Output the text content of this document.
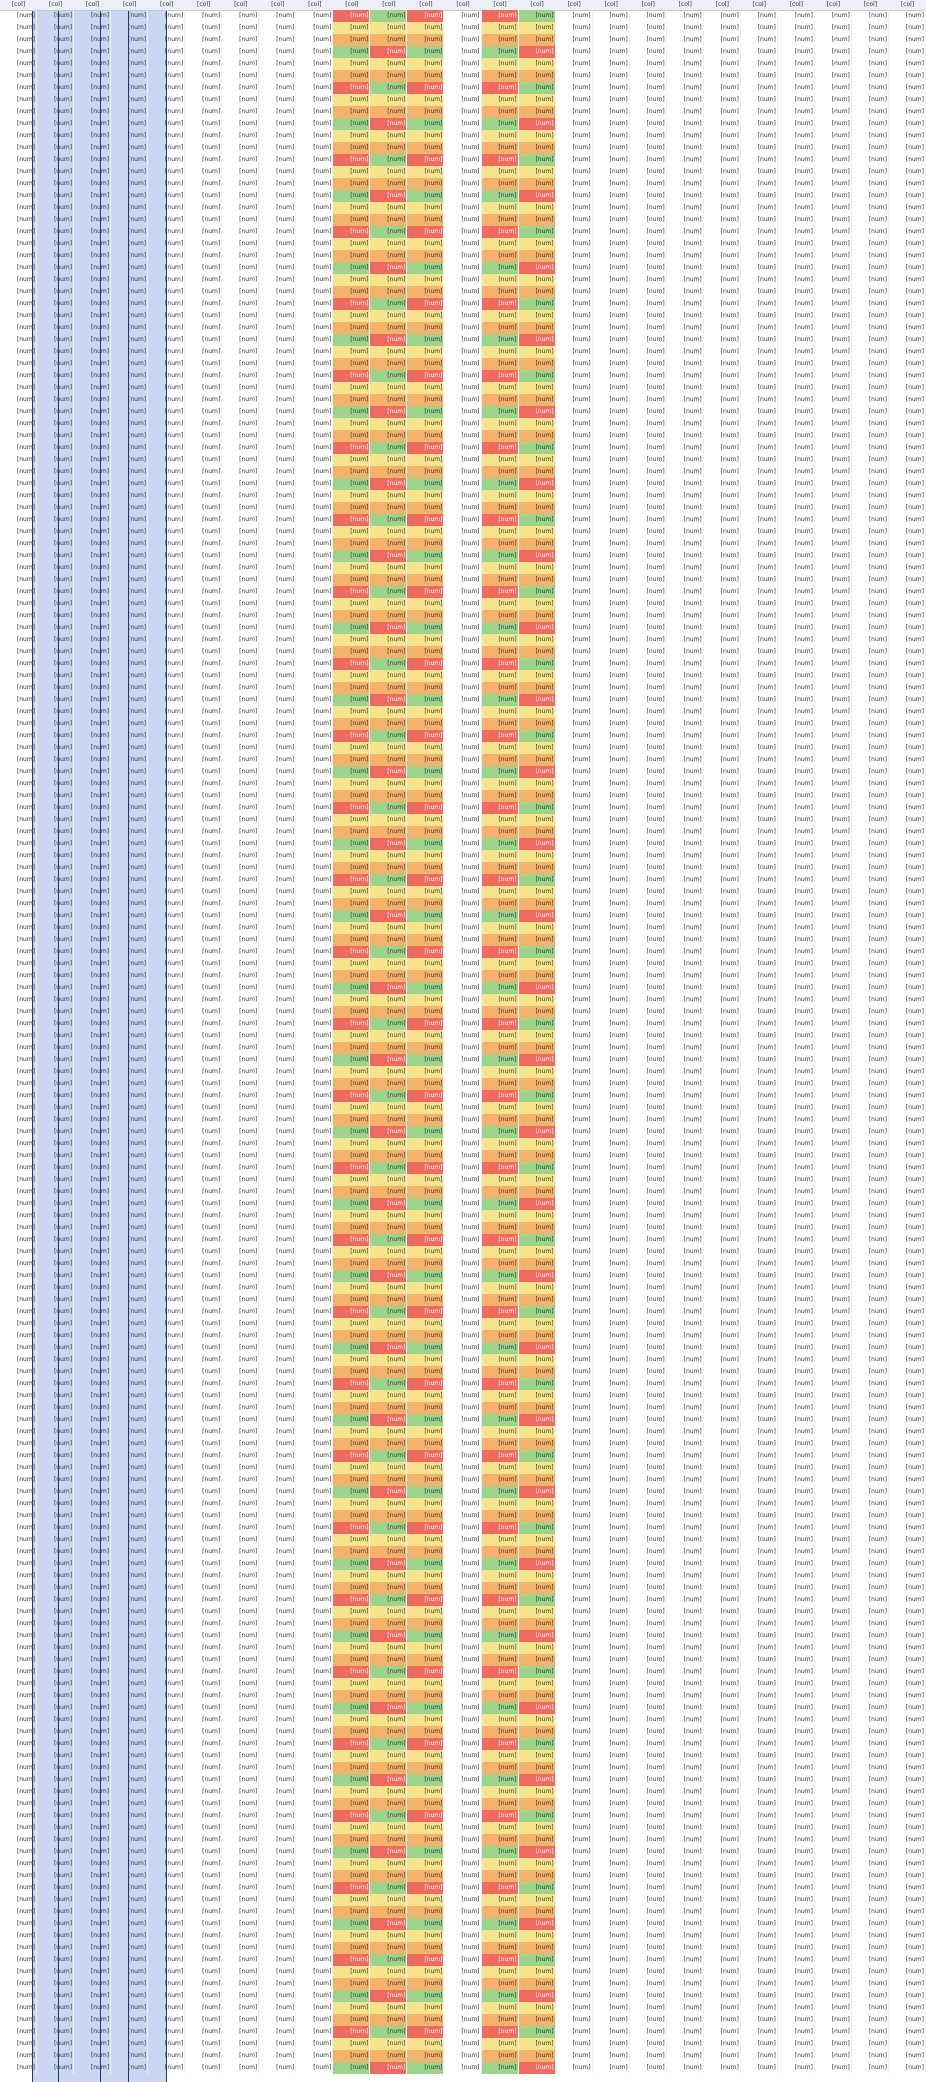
[col]	[col]	[col]	[col]	[col]	[col]	[col]	[col]	[col]	[col]	[col]	[col]	[col]	[col]	[col]	[col]	[col]	[col]	[col]	[col]	[col]	[col]	[col]	[col]	[col]
[num]	[num]	[num]	[num]	[num]	[num]	[num]	[num]	[num]	[num]	[num]	[num]	[num]	[num]	[num]	[num]	[num]	[num]	[num]	[num]	[num]	[num]	[num]	[num]	[num]
[num]	[num]	[num]	[num]	[num]	[num]	[num]	[num]	[num]	[num]	[num]	[num]	[num]	[num]	[num]	[num]	[num]	[num]	[num]	[num]	[num]	[num]	[num]	[num]	[num]
[num]	[num]	[num]	[num]	[num]	[num]	[num]	[num]	[num]	[num]	[num]	[num]	[num]	[num]	[num]	[num]	[num]	[num]	[num]	[num]	[num]	[num]	[num]	[num]	[num]
[num]	[num]	[num]	[num]	[num]	[num]	[num]	[num]	[num]	[num]	[num]	[num]	[num]	[num]	[num]	[num]	[num]	[num]	[num]	[num]	[num]	[num]	[num]	[num]	[num]
[num]	[num]	[num]	[num]	[num]	[num]	[num]	[num]	[num]	[num]	[num]	[num]	[num]	[num]	[num]	[num]	[num]	[num]	[num]	[num]	[num]	[num]	[num]	[num]	[num]
[num]	[num]	[num]	[num]	[num]	[num]	[num]	[num]	[num]	[num]	[num]	[num]	[num]	[num]	[num]	[num]	[num]	[num]	[num]	[num]	[num]	[num]	[num]	[num]	[num]
[num]	[num]	[num]	[num]	[num]	[num]	[num]	[num]	[num]	[num]	[num]	[num]	[num]	[num]	[num]	[num]	[num]	[num]	[num]	[num]	[num]	[num]	[num]	[num]	[num]
[num]	[num]	[num]	[num]	[num]	[num]	[num]	[num]	[num]	[num]	[num]	[num]	[num]	[num]	[num]	[num]	[num]	[num]	[num]	[num]	[num]	[num]	[num]	[num]	[num]
[num]	[num]	[num]	[num]	[num]	[num]	[num]	[num]	[num]	[num]	[num]	[num]	[num]	[num]	[num]	[num]	[num]	[num]	[num]	[num]	[num]	[num]	[num]	[num]	[num]
[num]	[num]	[num]	[num]	[num]	[num]	[num]	[num]	[num]	[num]	[num]	[num]	[num]	[num]	[num]	[num]	[num]	[num]	[num]	[num]	[num]	[num]	[num]	[num]	[num]
[num]	[num]	[num]	[num]	[num]	[num]	[num]	[num]	[num]	[num]	[num]	[num]	[num]	[num]	[num]	[num]	[num]	[num]	[num]	[num]	[num]	[num]	[num]	[num]	[num]
[num]	[num]	[num]	[num]	[num]	[num]	[num]	[num]	[num]	[num]	[num]	[num]	[num]	[num]	[num]	[num]	[num]	[num]	[num]	[num]	[num]	[num]	[num]	[num]	[num]
[num]	[num]	[num]	[num]	[num]	[num]	[num]	[num]	[num]	[num]	[num]	[num]	[num]	[num]	[num]	[num]	[num]	[num]	[num]	[num]	[num]	[num]	[num]	[num]	[num]
[num]	[num]	[num]	[num]	[num]	[num]	[num]	[num]	[num]	[num]	[num]	[num]	[num]	[num]	[num]	[num]	[num]	[num]	[num]	[num]	[num]	[num]	[num]	[num]	[num]
[num]	[num]	[num]	[num]	[num]	[num]	[num]	[num]	[num]	[num]	[num]	[num]	[num]	[num]	[num]	[num]	[num]	[num]	[num]	[num]	[num]	[num]	[num]	[num]	[num]
[num]	[num]	[num]	[num]	[num]	[num]	[num]	[num]	[num]	[num]	[num]	[num]	[num]	[num]	[num]	[num]	[num]	[num]	[num]	[num]	[num]	[num]	[num]	[num]	[num]
[num]	[num]	[num]	[num]	[num]	[num]	[num]	[num]	[num]	[num]	[num]	[num]	[num]	[num]	[num]	[num]	[num]	[num]	[num]	[num]	[num]	[num]	[num]	[num]	[num]
[num]	[num]	[num]	[num]	[num]	[num]	[num]	[num]	[num]	[num]	[num]	[num]	[num]	[num]	[num]	[num]	[num]	[num]	[num]	[num]	[num]	[num]	[num]	[num]	[num]
[num]	[num]	[num]	[num]	[num]	[num]	[num]	[num]	[num]	[num]	[num]	[num]	[num]	[num]	[num]	[num]	[num]	[num]	[num]	[num]	[num]	[num]	[num]	[num]	[num]
[num]	[num]	[num]	[num]	[num]	[num]	[num]	[num]	[num]	[num]	[num]	[num]	[num]	[num]	[num]	[num]	[num]	[num]	[num]	[num]	[num]	[num]	[num]	[num]	[num]
[num]	[num]	[num]	[num]	[num]	[num]	[num]	[num]	[num]	[num]	[num]	[num]	[num]	[num]	[num]	[num]	[num]	[num]	[num]	[num]	[num]	[num]	[num]	[num]	[num]
[num]	[num]	[num]	[num]	[num]	[num]	[num]	[num]	[num]	[num]	[num]	[num]	[num]	[num]	[num]	[num]	[num]	[num]	[num]	[num]	[num]	[num]	[num]	[num]	[num]
[num]	[num]	[num]	[num]	[num]	[num]	[num]	[num]	[num]	[num]	[num]	[num]	[num]	[num]	[num]	[num]	[num]	[num]	[num]	[num]	[num]	[num]	[num]	[num]	[num]
[num]	[num]	[num]	[num]	[num]	[num]	[num]	[num]	[num]	[num]	[num]	[num]	[num]	[num]	[num]	[num]	[num]	[num]	[num]	[num]	[num]	[num]	[num]	[num]	[num]
[num]	[num]	[num]	[num]	[num]	[num]	[num]	[num]	[num]	[num]	[num]	[num]	[num]	[num]	[num]	[num]	[num]	[num]	[num]	[num]	[num]	[num]	[num]	[num]	[num]
[num]	[num]	[num]	[num]	[num]	[num]	[num]	[num]	[num]	[num]	[num]	[num]	[num]	[num]	[num]	[num]	[num]	[num]	[num]	[num]	[num]	[num]	[num]	[num]	[num]
[num]	[num]	[num]	[num]	[num]	[num]	[num]	[num]	[num]	[num]	[num]	[num]	[num]	[num]	[num]	[num]	[num]	[num]	[num]	[num]	[num]	[num]	[num]	[num]	[num]
[num]	[num]	[num]	[num]	[num]	[num]	[num]	[num]	[num]	[num]	[num]	[num]	[num]	[num]	[num]	[num]	[num]	[num]	[num]	[num]	[num]	[num]	[num]	[num]	[num]
[num]	[num]	[num]	[num]	[num]	[num]	[num]	[num]	[num]	[num]	[num]	[num]	[num]	[num]	[num]	[num]	[num]	[num]	[num]	[num]	[num]	[num]	[num]	[num]	[num]
[num]	[num]	[num]	[num]	[num]	[num]	[num]	[num]	[num]	[num]	[num]	[num]	[num]	[num]	[num]	[num]	[num]	[num]	[num]	[num]	[num]	[num]	[num]	[num]	[num]
[num]	[num]	[num]	[num]	[num]	[num]	[num]	[num]	[num]	[num]	[num]	[num]	[num]	[num]	[num]	[num]	[num]	[num]	[num]	[num]	[num]	[num]	[num]	[num]	[num]
[num]	[num]	[num]	[num]	[num]	[num]	[num]	[num]	[num]	[num]	[num]	[num]	[num]	[num]	[num]	[num]	[num]	[num]	[num]	[num]	[num]	[num]	[num]	[num]	[num]
[num]	[num]	[num]	[num]	[num]	[num]	[num]	[num]	[num]	[num]	[num]	[num]	[num]	[num]	[num]	[num]	[num]	[num]	[num]	[num]	[num]	[num]	[num]	[num]	[num]
[num]	[num]	[num]	[num]	[num]	[num]	[num]	[num]	[num]	[num]	[num]	[num]	[num]	[num]	[num]	[num]	[num]	[num]	[num]	[num]	[num]	[num]	[num]	[num]	[num]
[num]	[num]	[num]	[num]	[num]	[num]	[num]	[num]	[num]	[num]	[num]	[num]	[num]	[num]	[num]	[num]	[num]	[num]	[num]	[num]	[num]	[num]	[num]	[num]	[num]
[num]	[num]	[num]	[num]	[num]	[num]	[num]	[num]	[num]	[num]	[num]	[num]	[num]	[num]	[num]	[num]	[num]	[num]	[num]	[num]	[num]	[num]	[num]	[num]	[num]
[num]	[num]	[num]	[num]	[num]	[num]	[num]	[num]	[num]	[num]	[num]	[num]	[num]	[num]	[num]	[num]	[num]	[num]	[num]	[num]	[num]	[num]	[num]	[num]	[num]
[num]	[num]	[num]	[num]	[num]	[num]	[num]	[num]	[num]	[num]	[num]	[num]	[num]	[num]	[num]	[num]	[num]	[num]	[num]	[num]	[num]	[num]	[num]	[num]	[num]
[num]	[num]	[num]	[num]	[num]	[num]	[num]	[num]	[num]	[num]	[num]	[num]	[num]	[num]	[num]	[num]	[num]	[num]	[num]	[num]	[num]	[num]	[num]	[num]	[num]
[num]	[num]	[num]	[num]	[num]	[num]	[num]	[num]	[num]	[num]	[num]	[num]	[num]	[num]	[num]	[num]	[num]	[num]	[num]	[num]	[num]	[num]	[num]	[num]	[num]
[num]	[num]	[num]	[num]	[num]	[num]	[num]	[num]	[num]	[num]	[num]	[num]	[num]	[num]	[num]	[num]	[num]	[num]	[num]	[num]	[num]	[num]	[num]	[num]	[num]
[num]	[num]	[num]	[num]	[num]	[num]	[num]	[num]	[num]	[num]	[num]	[num]	[num]	[num]	[num]	[num]	[num]	[num]	[num]	[num]	[num]	[num]	[num]	[num]	[num]
[num]	[num]	[num]	[num]	[num]	[num]	[num]	[num]	[num]	[num]	[num]	[num]	[num]	[num]	[num]	[num]	[num]	[num]	[num]	[num]	[num]	[num]	[num]	[num]	[num]
[num]	[num]	[num]	[num]	[num]	[num]	[num]	[num]	[num]	[num]	[num]	[num]	[num]	[num]	[num]	[num]	[num]	[num]	[num]	[num]	[num]	[num]	[num]	[num]	[num]
[num]	[num]	[num]	[num]	[num]	[num]	[num]	[num]	[num]	[num]	[num]	[num]	[num]	[num]	[num]	[num]	[num]	[num]	[num]	[num]	[num]	[num]	[num]	[num]	[num]
[num]	[num]	[num]	[num]	[num]	[num]	[num]	[num]	[num]	[num]	[num]	[num]	[num]	[num]	[num]	[num]	[num]	[num]	[num]	[num]	[num]	[num]	[num]	[num]	[num]
[num]	[num]	[num]	[num]	[num]	[num]	[num]	[num]	[num]	[num]	[num]	[num]	[num]	[num]	[num]	[num]	[num]	[num]	[num]	[num]	[num]	[num]	[num]	[num]	[num]
[num]	[num]	[num]	[num]	[num]	[num]	[num]	[num]	[num]	[num]	[num]	[num]	[num]	[num]	[num]	[num]	[num]	[num]	[num]	[num]	[num]	[num]	[num]	[num]	[num]
[num]	[num]	[num]	[num]	[num]	[num]	[num]	[num]	[num]	[num]	[num]	[num]	[num]	[num]	[num]	[num]	[num]	[num]	[num]	[num]	[num]	[num]	[num]	[num]	[num]
[num]	[num]	[num]	[num]	[num]	[num]	[num]	[num]	[num]	[num]	[num]	[num]	[num]	[num]	[num]	[num]	[num]	[num]	[num]	[num]	[num]	[num]	[num]	[num]	[num]
[num]	[num]	[num]	[num]	[num]	[num]	[num]	[num]	[num]	[num]	[num]	[num]	[num]	[num]	[num]	[num]	[num]	[num]	[num]	[num]	[num]	[num]	[num]	[num]	[num]
[num]	[num]	[num]	[num]	[num]	[num]	[num]	[num]	[num]	[num]	[num]	[num]	[num]	[num]	[num]	[num]	[num]	[num]	[num]	[num]	[num]	[num]	[num]	[num]	[num]
[num]	[num]	[num]	[num]	[num]	[num]	[num]	[num]	[num]	[num]	[num]	[num]	[num]	[num]	[num]	[num]	[num]	[num]	[num]	[num]	[num]	[num]	[num]	[num]	[num]
[num]	[num]	[num]	[num]	[num]	[num]	[num]	[num]	[num]	[num]	[num]	[num]	[num]	[num]	[num]	[num]	[num]	[num]	[num]	[num]	[num]	[num]	[num]	[num]	[num]
[num]	[num]	[num]	[num]	[num]	[num]	[num]	[num]	[num]	[num]	[num]	[num]	[num]	[num]	[num]	[num]	[num]	[num]	[num]	[num]	[num]	[num]	[num]	[num]	[num]
[num]	[num]	[num]	[num]	[num]	[num]	[num]	[num]	[num]	[num]	[num]	[num]	[num]	[num]	[num]	[num]	[num]	[num]	[num]	[num]	[num]	[num]	[num]	[num]	[num]
[num]	[num]	[num]	[num]	[num]	[num]	[num]	[num]	[num]	[num]	[num]	[num]	[num]	[num]	[num]	[num]	[num]	[num]	[num]	[num]	[num]	[num]	[num]	[num]	[num]
[num]	[num]	[num]	[num]	[num]	[num]	[num]	[num]	[num]	[num]	[num]	[num]	[num]	[num]	[num]	[num]	[num]	[num]	[num]	[num]	[num]	[num]	[num]	[num]	[num]
[num]	[num]	[num]	[num]	[num]	[num]	[num]	[num]	[num]	[num]	[num]	[num]	[num]	[num]	[num]	[num]	[num]	[num]	[num]	[num]	[num]	[num]	[num]	[num]	[num]
[num]	[num]	[num]	[num]	[num]	[num]	[num]	[num]	[num]	[num]	[num]	[num]	[num]	[num]	[num]	[num]	[num]	[num]	[num]	[num]	[num]	[num]	[num]	[num]	[num]
[num]	[num]	[num]	[num]	[num]	[num]	[num]	[num]	[num]	[num]	[num]	[num]	[num]	[num]	[num]	[num]	[num]	[num]	[num]	[num]	[num]	[num]	[num]	[num]	[num]
[num]	[num]	[num]	[num]	[num]	[num]	[num]	[num]	[num]	[num]	[num]	[num]	[num]	[num]	[num]	[num]	[num]	[num]	[num]	[num]	[num]	[num]	[num]	[num]	[num]
[num]	[num]	[num]	[num]	[num]	[num]	[num]	[num]	[num]	[num]	[num]	[num]	[num]	[num]	[num]	[num]	[num]	[num]	[num]	[num]	[num]	[num]	[num]	[num]	[num]
[num]	[num]	[num]	[num]	[num]	[num]	[num]	[num]	[num]	[num]	[num]	[num]	[num]	[num]	[num]	[num]	[num]	[num]	[num]	[num]	[num]	[num]	[num]	[num]	[num]
[num]	[num]	[num]	[num]	[num]	[num]	[num]	[num]	[num]	[num]	[num]	[num]	[num]	[num]	[num]	[num]	[num]	[num]	[num]	[num]	[num]	[num]	[num]	[num]	[num]
[num]	[num]	[num]	[num]	[num]	[num]	[num]	[num]	[num]	[num]	[num]	[num]	[num]	[num]	[num]	[num]	[num]	[num]	[num]	[num]	[num]	[num]	[num]	[num]	[num]
[num]	[num]	[num]	[num]	[num]	[num]	[num]	[num]	[num]	[num]	[num]	[num]	[num]	[num]	[num]	[num]	[num]	[num]	[num]	[num]	[num]	[num]	[num]	[num]	[num]
[num]	[num]	[num]	[num]	[num]	[num]	[num]	[num]	[num]	[num]	[num]	[num]	[num]	[num]	[num]	[num]	[num]	[num]	[num]	[num]	[num]	[num]	[num]	[num]	[num]
[num]	[num]	[num]	[num]	[num]	[num]	[num]	[num]	[num]	[num]	[num]	[num]	[num]	[num]	[num]	[num]	[num]	[num]	[num]	[num]	[num]	[num]	[num]	[num]	[num]
[num]	[num]	[num]	[num]	[num]	[num]	[num]	[num]	[num]	[num]	[num]	[num]	[num]	[num]	[num]	[num]	[num]	[num]	[num]	[num]	[num]	[num]	[num]	[num]	[num]
[num]	[num]	[num]	[num]	[num]	[num]	[num]	[num]	[num]	[num]	[num]	[num]	[num]	[num]	[num]	[num]	[num]	[num]	[num]	[num]	[num]	[num]	[num]	[num]	[num]
[num]	[num]	[num]	[num]	[num]	[num]	[num]	[num]	[num]	[num]	[num]	[num]	[num]	[num]	[num]	[num]	[num]	[num]	[num]	[num]	[num]	[num]	[num]	[num]	[num]
[num]	[num]	[num]	[num]	[num]	[num]	[num]	[num]	[num]	[num]	[num]	[num]	[num]	[num]	[num]	[num]	[num]	[num]	[num]	[num]	[num]	[num]	[num]	[num]	[num]
[num]	[num]	[num]	[num]	[num]	[num]	[num]	[num]	[num]	[num]	[num]	[num]	[num]	[num]	[num]	[num]	[num]	[num]	[num]	[num]	[num]	[num]	[num]	[num]	[num]
[num]	[num]	[num]	[num]	[num]	[num]	[num]	[num]	[num]	[num]	[num]	[num]	[num]	[num]	[num]	[num]	[num]	[num]	[num]	[num]	[num]	[num]	[num]	[num]	[num]
[num]	[num]	[num]	[num]	[num]	[num]	[num]	[num]	[num]	[num]	[num]	[num]	[num]	[num]	[num]	[num]	[num]	[num]	[num]	[num]	[num]	[num]	[num]	[num]	[num]
[num]	[num]	[num]	[num]	[num]	[num]	[num]	[num]	[num]	[num]	[num]	[num]	[num]	[num]	[num]	[num]	[num]	[num]	[num]	[num]	[num]	[num]	[num]	[num]	[num]
[num]	[num]	[num]	[num]	[num]	[num]	[num]	[num]	[num]	[num]	[num]	[num]	[num]	[num]	[num]	[num]	[num]	[num]	[num]	[num]	[num]	[num]	[num]	[num]	[num]
[num]	[num]	[num]	[num]	[num]	[num]	[num]	[num]	[num]	[num]	[num]	[num]	[num]	[num]	[num]	[num]	[num]	[num]	[num]	[num]	[num]	[num]	[num]	[num]	[num]
[num]	[num]	[num]	[num]	[num]	[num]	[num]	[num]	[num]	[num]	[num]	[num]	[num]	[num]	[num]	[num]	[num]	[num]	[num]	[num]	[num]	[num]	[num]	[num]	[num]
[num]	[num]	[num]	[num]	[num]	[num]	[num]	[num]	[num]	[num]	[num]	[num]	[num]	[num]	[num]	[num]	[num]	[num]	[num]	[num]	[num]	[num]	[num]	[num]	[num]
[num]	[num]	[num]	[num]	[num]	[num]	[num]	[num]	[num]	[num]	[num]	[num]	[num]	[num]	[num]	[num]	[num]	[num]	[num]	[num]	[num]	[num]	[num]	[num]	[num]
[num]	[num]	[num]	[num]	[num]	[num]	[num]	[num]	[num]	[num]	[num]	[num]	[num]	[num]	[num]	[num]	[num]	[num]	[num]	[num]	[num]	[num]	[num]	[num]	[num]
[num]	[num]	[num]	[num]	[num]	[num]	[num]	[num]	[num]	[num]	[num]	[num]	[num]	[num]	[num]	[num]	[num]	[num]	[num]	[num]	[num]	[num]	[num]	[num]	[num]
[num]	[num]	[num]	[num]	[num]	[num]	[num]	[num]	[num]	[num]	[num]	[num]	[num]	[num]	[num]	[num]	[num]	[num]	[num]	[num]	[num]	[num]	[num]	[num]	[num]
[num]	[num]	[num]	[num]	[num]	[num]	[num]	[num]	[num]	[num]	[num]	[num]	[num]	[num]	[num]	[num]	[num]	[num]	[num]	[num]	[num]	[num]	[num]	[num]	[num]
[num]	[num]	[num]	[num]	[num]	[num]	[num]	[num]	[num]	[num]	[num]	[num]	[num]	[num]	[num]	[num]	[num]	[num]	[num]	[num]	[num]	[num]	[num]	[num]	[num]
[num]	[num]	[num]	[num]	[num]	[num]	[num]	[num]	[num]	[num]	[num]	[num]	[num]	[num]	[num]	[num]	[num]	[num]	[num]	[num]	[num]	[num]	[num]	[num]	[num]
[num]	[num]	[num]	[num]	[num]	[num]	[num]	[num]	[num]	[num]	[num]	[num]	[num]	[num]	[num]	[num]	[num]	[num]	[num]	[num]	[num]	[num]	[num]	[num]	[num]
[num]	[num]	[num]	[num]	[num]	[num]	[num]	[num]	[num]	[num]	[num]	[num]	[num]	[num]	[num]	[num]	[num]	[num]	[num]	[num]	[num]	[num]	[num]	[num]	[num]
[num]	[num]	[num]	[num]	[num]	[num]	[num]	[num]	[num]	[num]	[num]	[num]	[num]	[num]	[num]	[num]	[num]	[num]	[num]	[num]	[num]	[num]	[num]	[num]	[num]
[num]	[num]	[num]	[num]	[num]	[num]	[num]	[num]	[num]	[num]	[num]	[num]	[num]	[num]	[num]	[num]	[num]	[num]	[num]	[num]	[num]	[num]	[num]	[num]	[num]
[num]	[num]	[num]	[num]	[num]	[num]	[num]	[num]	[num]	[num]	[num]	[num]	[num]	[num]	[num]	[num]	[num]	[num]	[num]	[num]	[num]	[num]	[num]	[num]	[num]
[num]	[num]	[num]	[num]	[num]	[num]	[num]	[num]	[num]	[num]	[num]	[num]	[num]	[num]	[num]	[num]	[num]	[num]	[num]	[num]	[num]	[num]	[num]	[num]	[num]
[num]	[num]	[num]	[num]	[num]	[num]	[num]	[num]	[num]	[num]	[num]	[num]	[num]	[num]	[num]	[num]	[num]	[num]	[num]	[num]	[num]	[num]	[num]	[num]	[num]
[num]	[num]	[num]	[num]	[num]	[num]	[num]	[num]	[num]	[num]	[num]	[num]	[num]	[num]	[num]	[num]	[num]	[num]	[num]	[num]	[num]	[num]	[num]	[num]	[num]
[num]	[num]	[num]	[num]	[num]	[num]	[num]	[num]	[num]	[num]	[num]	[num]	[num]	[num]	[num]	[num]	[num]	[num]	[num]	[num]	[num]	[num]	[num]	[num]	[num]
[num]	[num]	[num]	[num]	[num]	[num]	[num]	[num]	[num]	[num]	[num]	[num]	[num]	[num]	[num]	[num]	[num]	[num]	[num]	[num]	[num]	[num]	[num]	[num]	[num]
[num]	[num]	[num]	[num]	[num]	[num]	[num]	[num]	[num]	[num]	[num]	[num]	[num]	[num]	[num]	[num]	[num]	[num]	[num]	[num]	[num]	[num]	[num]	[num]	[num]
[num]	[num]	[num]	[num]	[num]	[num]	[num]	[num]	[num]	[num]	[num]	[num]	[num]	[num]	[num]	[num]	[num]	[num]	[num]	[num]	[num]	[num]	[num]	[num]	[num]
[num]	[num]	[num]	[num]	[num]	[num]	[num]	[num]	[num]	[num]	[num]	[num]	[num]	[num]	[num]	[num]	[num]	[num]	[num]	[num]	[num]	[num]	[num]	[num]	[num]
[num]	[num]	[num]	[num]	[num]	[num]	[num]	[num]	[num]	[num]	[num]	[num]	[num]	[num]	[num]	[num]	[num]	[num]	[num]	[num]	[num]	[num]	[num]	[num]	[num]
[num]	[num]	[num]	[num]	[num]	[num]	[num]	[num]	[num]	[num]	[num]	[num]	[num]	[num]	[num]	[num]	[num]	[num]	[num]	[num]	[num]	[num]	[num]	[num]	[num]
[num]	[num]	[num]	[num]	[num]	[num]	[num]	[num]	[num]	[num]	[num]	[num]	[num]	[num]	[num]	[num]	[num]	[num]	[num]	[num]	[num]	[num]	[num]	[num]	[num]
[num]	[num]	[num]	[num]	[num]	[num]	[num]	[num]	[num]	[num]	[num]	[num]	[num]	[num]	[num]	[num]	[num]	[num]	[num]	[num]	[num]	[num]	[num]	[num]	[num]
[num]	[num]	[num]	[num]	[num]	[num]	[num]	[num]	[num]	[num]	[num]	[num]	[num]	[num]	[num]	[num]	[num]	[num]	[num]	[num]	[num]	[num]	[num]	[num]	[num]
[num]	[num]	[num]	[num]	[num]	[num]	[num]	[num]	[num]	[num]	[num]	[num]	[num]	[num]	[num]	[num]	[num]	[num]	[num]	[num]	[num]	[num]	[num]	[num]	[num]
[num]	[num]	[num]	[num]	[num]	[num]	[num]	[num]	[num]	[num]	[num]	[num]	[num]	[num]	[num]	[num]	[num]	[num]	[num]	[num]	[num]	[num]	[num]	[num]	[num]
[num]	[num]	[num]	[num]	[num]	[num]	[num]	[num]	[num]	[num]	[num]	[num]	[num]	[num]	[num]	[num]	[num]	[num]	[num]	[num]	[num]	[num]	[num]	[num]	[num]
[num]	[num]	[num]	[num]	[num]	[num]	[num]	[num]	[num]	[num]	[num]	[num]	[num]	[num]	[num]	[num]	[num]	[num]	[num]	[num]	[num]	[num]	[num]	[num]	[num]
[num]	[num]	[num]	[num]	[num]	[num]	[num]	[num]	[num]	[num]	[num]	[num]	[num]	[num]	[num]	[num]	[num]	[num]	[num]	[num]	[num]	[num]	[num]	[num]	[num]
[num]	[num]	[num]	[num]	[num]	[num]	[num]	[num]	[num]	[num]	[num]	[num]	[num]	[num]	[num]	[num]	[num]	[num]	[num]	[num]	[num]	[num]	[num]	[num]	[num]
[num]	[num]	[num]	[num]	[num]	[num]	[num]	[num]	[num]	[num]	[num]	[num]	[num]	[num]	[num]	[num]	[num]	[num]	[num]	[num]	[num]	[num]	[num]	[num]	[num]
[num]	[num]	[num]	[num]	[num]	[num]	[num]	[num]	[num]	[num]	[num]	[num]	[num]	[num]	[num]	[num]	[num]	[num]	[num]	[num]	[num]	[num]	[num]	[num]	[num]
[num]	[num]	[num]	[num]	[num]	[num]	[num]	[num]	[num]	[num]	[num]	[num]	[num]	[num]	[num]	[num]	[num]	[num]	[num]	[num]	[num]	[num]	[num]	[num]	[num]
[num]	[num]	[num]	[num]	[num]	[num]	[num]	[num]	[num]	[num]	[num]	[num]	[num]	[num]	[num]	[num]	[num]	[num]	[num]	[num]	[num]	[num]	[num]	[num]	[num]
[num]	[num]	[num]	[num]	[num]	[num]	[num]	[num]	[num]	[num]	[num]	[num]	[num]	[num]	[num]	[num]	[num]	[num]	[num]	[num]	[num]	[num]	[num]	[num]	[num]
[num]	[num]	[num]	[num]	[num]	[num]	[num]	[num]	[num]	[num]	[num]	[num]	[num]	[num]	[num]	[num]	[num]	[num]	[num]	[num]	[num]	[num]	[num]	[num]	[num]
[num]	[num]	[num]	[num]	[num]	[num]	[num]	[num]	[num]	[num]	[num]	[num]	[num]	[num]	[num]	[num]	[num]	[num]	[num]	[num]	[num]	[num]	[num]	[num]	[num]
[num]	[num]	[num]	[num]	[num]	[num]	[num]	[num]	[num]	[num]	[num]	[num]	[num]	[num]	[num]	[num]	[num]	[num]	[num]	[num]	[num]	[num]	[num]	[num]	[num]
[num]	[num]	[num]	[num]	[num]	[num]	[num]	[num]	[num]	[num]	[num]	[num]	[num]	[num]	[num]	[num]	[num]	[num]	[num]	[num]	[num]	[num]	[num]	[num]	[num]
[num]	[num]	[num]	[num]	[num]	[num]	[num]	[num]	[num]	[num]	[num]	[num]	[num]	[num]	[num]	[num]	[num]	[num]	[num]	[num]	[num]	[num]	[num]	[num]	[num]
[num]	[num]	[num]	[num]	[num]	[num]	[num]	[num]	[num]	[num]	[num]	[num]	[num]	[num]	[num]	[num]	[num]	[num]	[num]	[num]	[num]	[num]	[num]	[num]	[num]
[num]	[num]	[num]	[num]	[num]	[num]	[num]	[num]	[num]	[num]	[num]	[num]	[num]	[num]	[num]	[num]	[num]	[num]	[num]	[num]	[num]	[num]	[num]	[num]	[num]
[num]	[num]	[num]	[num]	[num]	[num]	[num]	[num]	[num]	[num]	[num]	[num]	[num]	[num]	[num]	[num]	[num]	[num]	[num]	[num]	[num]	[num]	[num]	[num]	[num]
[num]	[num]	[num]	[num]	[num]	[num]	[num]	[num]	[num]	[num]	[num]	[num]	[num]	[num]	[num]	[num]	[num]	[num]	[num]	[num]	[num]	[num]	[num]	[num]	[num]
[num]	[num]	[num]	[num]	[num]	[num]	[num]	[num]	[num]	[num]	[num]	[num]	[num]	[num]	[num]	[num]	[num]	[num]	[num]	[num]	[num]	[num]	[num]	[num]	[num]
[num]	[num]	[num]	[num]	[num]	[num]	[num]	[num]	[num]	[num]	[num]	[num]	[num]	[num]	[num]	[num]	[num]	[num]	[num]	[num]	[num]	[num]	[num]	[num]	[num]
[num]	[num]	[num]	[num]	[num]	[num]	[num]	[num]	[num]	[num]	[num]	[num]	[num]	[num]	[num]	[num]	[num]	[num]	[num]	[num]	[num]	[num]	[num]	[num]	[num]
[num]	[num]	[num]	[num]	[num]	[num]	[num]	[num]	[num]	[num]	[num]	[num]	[num]	[num]	[num]	[num]	[num]	[num]	[num]	[num]	[num]	[num]	[num]	[num]	[num]
[num]	[num]	[num]	[num]	[num]	[num]	[num]	[num]	[num]	[num]	[num]	[num]	[num]	[num]	[num]	[num]	[num]	[num]	[num]	[num]	[num]	[num]	[num]	[num]	[num]
[num]	[num]	[num]	[num]	[num]	[num]	[num]	[num]	[num]	[num]	[num]	[num]	[num]	[num]	[num]	[num]	[num]	[num]	[num]	[num]	[num]	[num]	[num]	[num]	[num]
[num]	[num]	[num]	[num]	[num]	[num]	[num]	[num]	[num]	[num]	[num]	[num]	[num]	[num]	[num]	[num]	[num]	[num]	[num]	[num]	[num]	[num]	[num]	[num]	[num]
[num]	[num]	[num]	[num]	[num]	[num]	[num]	[num]	[num]	[num]	[num]	[num]	[num]	[num]	[num]	[num]	[num]	[num]	[num]	[num]	[num]	[num]	[num]	[num]	[num]
[num]	[num]	[num]	[num]	[num]	[num]	[num]	[num]	[num]	[num]	[num]	[num]	[num]	[num]	[num]	[num]	[num]	[num]	[num]	[num]	[num]	[num]	[num]	[num]	[num]
[num]	[num]	[num]	[num]	[num]	[num]	[num]	[num]	[num]	[num]	[num]	[num]	[num]	[num]	[num]	[num]	[num]	[num]	[num]	[num]	[num]	[num]	[num]	[num]	[num]
[num]	[num]	[num]	[num]	[num]	[num]	[num]	[num]	[num]	[num]	[num]	[num]	[num]	[num]	[num]	[num]	[num]	[num]	[num]	[num]	[num]	[num]	[num]	[num]	[num]
[num]	[num]	[num]	[num]	[num]	[num]	[num]	[num]	[num]	[num]	[num]	[num]	[num]	[num]	[num]	[num]	[num]	[num]	[num]	[num]	[num]	[num]	[num]	[num]	[num]
[num]	[num]	[num]	[num]	[num]	[num]	[num]	[num]	[num]	[num]	[num]	[num]	[num]	[num]	[num]	[num]	[num]	[num]	[num]	[num]	[num]	[num]	[num]	[num]	[num]
[num]	[num]	[num]	[num]	[num]	[num]	[num]	[num]	[num]	[num]	[num]	[num]	[num]	[num]	[num]	[num]	[num]	[num]	[num]	[num]	[num]	[num]	[num]	[num]	[num]
[num]	[num]	[num]	[num]	[num]	[num]	[num]	[num]	[num]	[num]	[num]	[num]	[num]	[num]	[num]	[num]	[num]	[num]	[num]	[num]	[num]	[num]	[num]	[num]	[num]
[num]	[num]	[num]	[num]	[num]	[num]	[num]	[num]	[num]	[num]	[num]	[num]	[num]	[num]	[num]	[num]	[num]	[num]	[num]	[num]	[num]	[num]	[num]	[num]	[num]
[num]	[num]	[num]	[num]	[num]	[num]	[num]	[num]	[num]	[num]	[num]	[num]	[num]	[num]	[num]	[num]	[num]	[num]	[num]	[num]	[num]	[num]	[num]	[num]	[num]
[num]	[num]	[num]	[num]	[num]	[num]	[num]	[num]	[num]	[num]	[num]	[num]	[num]	[num]	[num]	[num]	[num]	[num]	[num]	[num]	[num]	[num]	[num]	[num]	[num]
[num]	[num]	[num]	[num]	[num]	[num]	[num]	[num]	[num]	[num]	[num]	[num]	[num]	[num]	[num]	[num]	[num]	[num]	[num]	[num]	[num]	[num]	[num]	[num]	[num]
[num]	[num]	[num]	[num]	[num]	[num]	[num]	[num]	[num]	[num]	[num]	[num]	[num]	[num]	[num]	[num]	[num]	[num]	[num]	[num]	[num]	[num]	[num]	[num]	[num]
[num]	[num]	[num]	[num]	[num]	[num]	[num]	[num]	[num]	[num]	[num]	[num]	[num]	[num]	[num]	[num]	[num]	[num]	[num]	[num]	[num]	[num]	[num]	[num]	[num]
[num]	[num]	[num]	[num]	[num]	[num]	[num]	[num]	[num]	[num]	[num]	[num]	[num]	[num]	[num]	[num]	[num]	[num]	[num]	[num]	[num]	[num]	[num]	[num]	[num]
[num]	[num]	[num]	[num]	[num]	[num]	[num]	[num]	[num]	[num]	[num]	[num]	[num]	[num]	[num]	[num]	[num]	[num]	[num]	[num]	[num]	[num]	[num]	[num]	[num]
[num]	[num]	[num]	[num]	[num]	[num]	[num]	[num]	[num]	[num]	[num]	[num]	[num]	[num]	[num]	[num]	[num]	[num]	[num]	[num]	[num]	[num]	[num]	[num]	[num]
[num]	[num]	[num]	[num]	[num]	[num]	[num]	[num]	[num]	[num]	[num]	[num]	[num]	[num]	[num]	[num]	[num]	[num]	[num]	[num]	[num]	[num]	[num]	[num]	[num]
[num]	[num]	[num]	[num]	[num]	[num]	[num]	[num]	[num]	[num]	[num]	[num]	[num]	[num]	[num]	[num]	[num]	[num]	[num]	[num]	[num]	[num]	[num]	[num]	[num]
[num]	[num]	[num]	[num]	[num]	[num]	[num]	[num]	[num]	[num]	[num]	[num]	[num]	[num]	[num]	[num]	[num]	[num]	[num]	[num]	[num]	[num]	[num]	[num]	[num]
[num]	[num]	[num]	[num]	[num]	[num]	[num]	[num]	[num]	[num]	[num]	[num]	[num]	[num]	[num]	[num]	[num]	[num]	[num]	[num]	[num]	[num]	[num]	[num]	[num]
[num]	[num]	[num]	[num]	[num]	[num]	[num]	[num]	[num]	[num]	[num]	[num]	[num]	[num]	[num]	[num]	[num]	[num]	[num]	[num]	[num]	[num]	[num]	[num]	[num]
[num]	[num]	[num]	[num]	[num]	[num]	[num]	[num]	[num]	[num]	[num]	[num]	[num]	[num]	[num]	[num]	[num]	[num]	[num]	[num]	[num]	[num]	[num]	[num]	[num]
[num]	[num]	[num]	[num]	[num]	[num]	[num]	[num]	[num]	[num]	[num]	[num]	[num]	[num]	[num]	[num]	[num]	[num]	[num]	[num]	[num]	[num]	[num]	[num]	[num]
[num]	[num]	[num]	[num]	[num]	[num]	[num]	[num]	[num]	[num]	[num]	[num]	[num]	[num]	[num]	[num]	[num]	[num]	[num]	[num]	[num]	[num]	[num]	[num]	[num]
[num]	[num]	[num]	[num]	[num]	[num]	[num]	[num]	[num]	[num]	[num]	[num]	[num]	[num]	[num]	[num]	[num]	[num]	[num]	[num]	[num]	[num]	[num]	[num]	[num]
[num]	[num]	[num]	[num]	[num]	[num]	[num]	[num]	[num]	[num]	[num]	[num]	[num]	[num]	[num]	[num]	[num]	[num]	[num]	[num]	[num]	[num]	[num]	[num]	[num]
[num]	[num]	[num]	[num]	[num]	[num]	[num]	[num]	[num]	[num]	[num]	[num]	[num]	[num]	[num]	[num]	[num]	[num]	[num]	[num]	[num]	[num]	[num]	[num]	[num]
[num]	[num]	[num]	[num]	[num]	[num]	[num]	[num]	[num]	[num]	[num]	[num]	[num]	[num]	[num]	[num]	[num]	[num]	[num]	[num]	[num]	[num]	[num]	[num]	[num]
[num]	[num]	[num]	[num]	[num]	[num]	[num]	[num]	[num]	[num]	[num]	[num]	[num]	[num]	[num]	[num]	[num]	[num]	[num]	[num]	[num]	[num]	[num]	[num]	[num]
[num]	[num]	[num]	[num]	[num]	[num]	[num]	[num]	[num]	[num]	[num]	[num]	[num]	[num]	[num]	[num]	[num]	[num]	[num]	[num]	[num]	[num]	[num]	[num]	[num]
[num]	[num]	[num]	[num]	[num]	[num]	[num]	[num]	[num]	[num]	[num]	[num]	[num]	[num]	[num]	[num]	[num]	[num]	[num]	[num]	[num]	[num]	[num]	[num]	[num]
[num]	[num]	[num]	[num]	[num]	[num]	[num]	[num]	[num]	[num]	[num]	[num]	[num]	[num]	[num]	[num]	[num]	[num]	[num]	[num]	[num]	[num]	[num]	[num]	[num]
[num]	[num]	[num]	[num]	[num]	[num]	[num]	[num]	[num]	[num]	[num]	[num]	[num]	[num]	[num]	[num]	[num]	[num]	[num]	[num]	[num]	[num]	[num]	[num]	[num]
[num]	[num]	[num]	[num]	[num]	[num]	[num]	[num]	[num]	[num]	[num]	[num]	[num]	[num]	[num]	[num]	[num]	[num]	[num]	[num]	[num]	[num]	[num]	[num]	[num]
[num]	[num]	[num]	[num]	[num]	[num]	[num]	[num]	[num]	[num]	[num]	[num]	[num]	[num]	[num]	[num]	[num]	[num]	[num]	[num]	[num]	[num]	[num]	[num]	[num]
[num]	[num]	[num]	[num]	[num]	[num]	[num]	[num]	[num]	[num]	[num]	[num]	[num]	[num]	[num]	[num]	[num]	[num]	[num]	[num]	[num]	[num]	[num]	[num]	[num]
[num]	[num]	[num]	[num]	[num]	[num]	[num]	[num]	[num]	[num]	[num]	[num]	[num]	[num]	[num]	[num]	[num]	[num]	[num]	[num]	[num]	[num]	[num]	[num]	[num]
[num]	[num]	[num]	[num]	[num]	[num]	[num]	[num]	[num]	[num]	[num]	[num]	[num]	[num]	[num]	[num]	[num]	[num]	[num]	[num]	[num]	[num]	[num]	[num]	[num]
